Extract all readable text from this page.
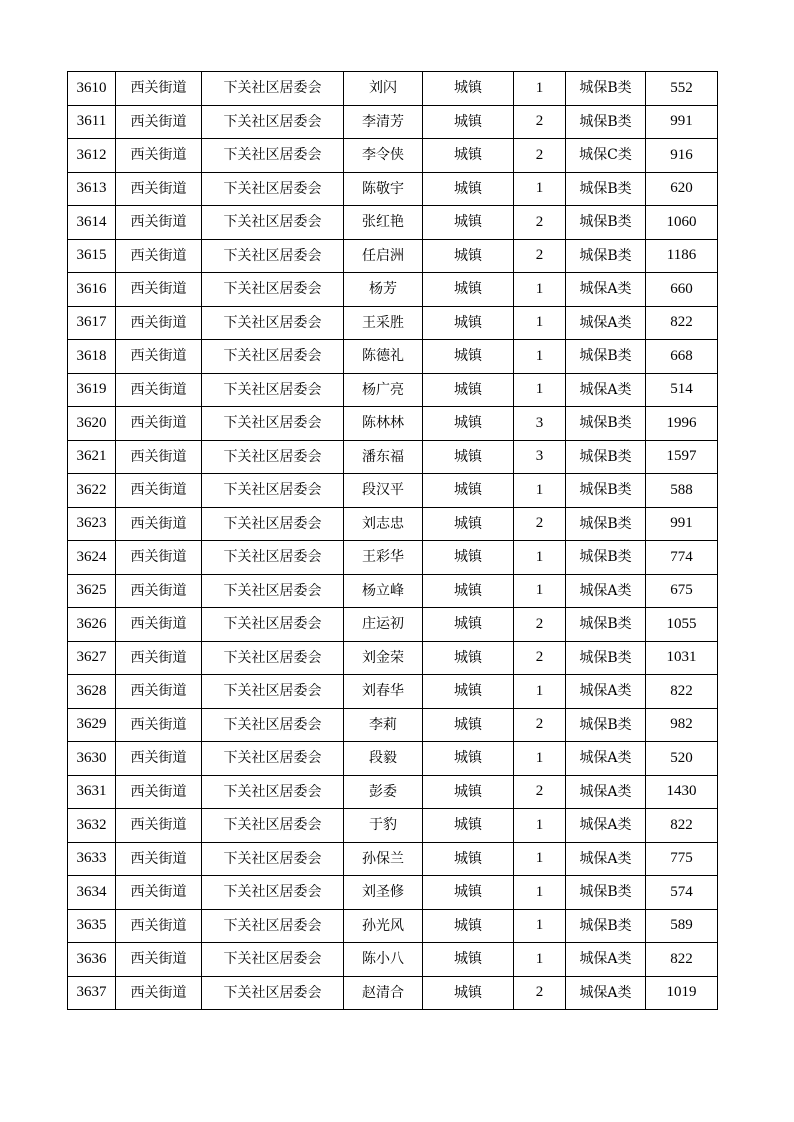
3610	西关街道	下关社区居委会	刘闪	城镇	1	城保B类	552
3611	西关街道	下关社区居委会	李清芳	城镇	2	城保B类	991
3612	西关街道	下关社区居委会	李令侠	城镇	2	城保C类	916
3613	西关街道	下关社区居委会	陈敬宇	城镇	1	城保B类	620
3614	西关街道	下关社区居委会	张红艳	城镇	2	城保B类	1060
3615	西关街道	下关社区居委会	任启洲	城镇	2	城保B类	1186
3616	西关街道	下关社区居委会	杨芳	城镇	1	城保A类	660
3617	西关街道	下关社区居委会	王采胜	城镇	1	城保A类	822
3618	西关街道	下关社区居委会	陈德礼	城镇	1	城保B类	668
3619	西关街道	下关社区居委会	杨广亮	城镇	1	城保A类	514
3620	西关街道	下关社区居委会	陈林林	城镇	3	城保B类	1996
3621	西关街道	下关社区居委会	潘东福	城镇	3	城保B类	1597
3622	西关街道	下关社区居委会	段汉平	城镇	1	城保B类	588
3623	西关街道	下关社区居委会	刘志忠	城镇	2	城保B类	991
3624	西关街道	下关社区居委会	王彩华	城镇	1	城保B类	774
3625	西关街道	下关社区居委会	杨立峰	城镇	1	城保A类	675
3626	西关街道	下关社区居委会	庄运初	城镇	2	城保B类	1055
3627	西关街道	下关社区居委会	刘金荣	城镇	2	城保B类	1031
3628	西关街道	下关社区居委会	刘春华	城镇	1	城保A类	822
3629	西关街道	下关社区居委会	李莉	城镇	2	城保B类	982
3630	西关街道	下关社区居委会	段毅	城镇	1	城保A类	520
3631	西关街道	下关社区居委会	彭委	城镇	2	城保A类	1430
3632	西关街道	下关社区居委会	于豹	城镇	1	城保A类	822
3633	西关街道	下关社区居委会	孙保兰	城镇	1	城保A类	775
3634	西关街道	下关社区居委会	刘圣修	城镇	1	城保B类	574
3635	西关街道	下关社区居委会	孙光风	城镇	1	城保B类	589
3636	西关街道	下关社区居委会	陈小八	城镇	1	城保A类	822
3637	西关街道	下关社区居委会	赵清合	城镇	2	城保A类	1019
